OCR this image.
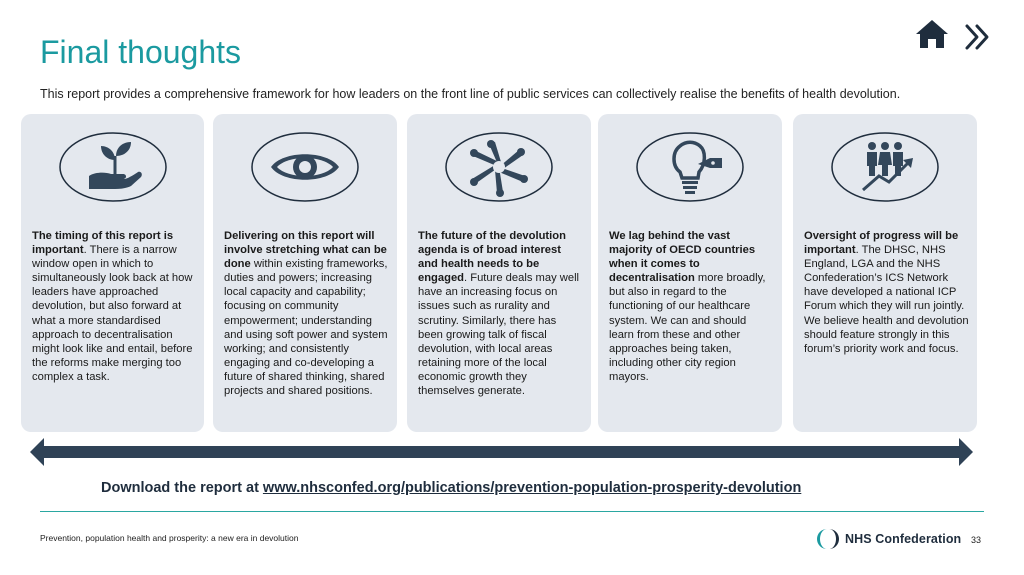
Final thoughts
This report provides a comprehensive framework for how leaders on the front line of public services can collectively realise the benefits of health devolution.
The timing of this report is important. There is a narrow window open in which to simultaneously look back at how leaders have approached devolution, but also forward at what a more standardised approach to decentralisation might look like and entail, before the reforms make merging too complex a task.
Delivering on this report will involve stretching what can be done within existing frameworks, duties and powers; increasing local capacity and capability; focusing on community empowerment; understanding and using soft power and system working; and consistently engaging and co-developing a future of shared thinking, shared projects and shared positions.
The future of the devolution agenda is of broad interest and health needs to be engaged. Future deals may well have an increasing focus on issues such as rurality and scrutiny. Similarly, there has been growing talk of fiscal devolution, with local areas retaining more of the local economic growth they themselves generate.
We lag behind the vast majority of OECD countries when it comes to decentralisation more broadly, but also in regard to the functioning of our healthcare system. We can and should learn from these and other approaches being taken, including other city region mayors.
Oversight of progress will be important. The DHSC, NHS England, LGA and the NHS Confederation’s ICS Network have developed a national ICP Forum which they will run jointly. We believe health and devolution should feature strongly in this forum’s priority work and focus.
Download the report at www.nhsconfed.org/publications/prevention-population-prosperity-devolution
Prevention, population health and prosperity: a new era in devolution	NHS Confederation 33
